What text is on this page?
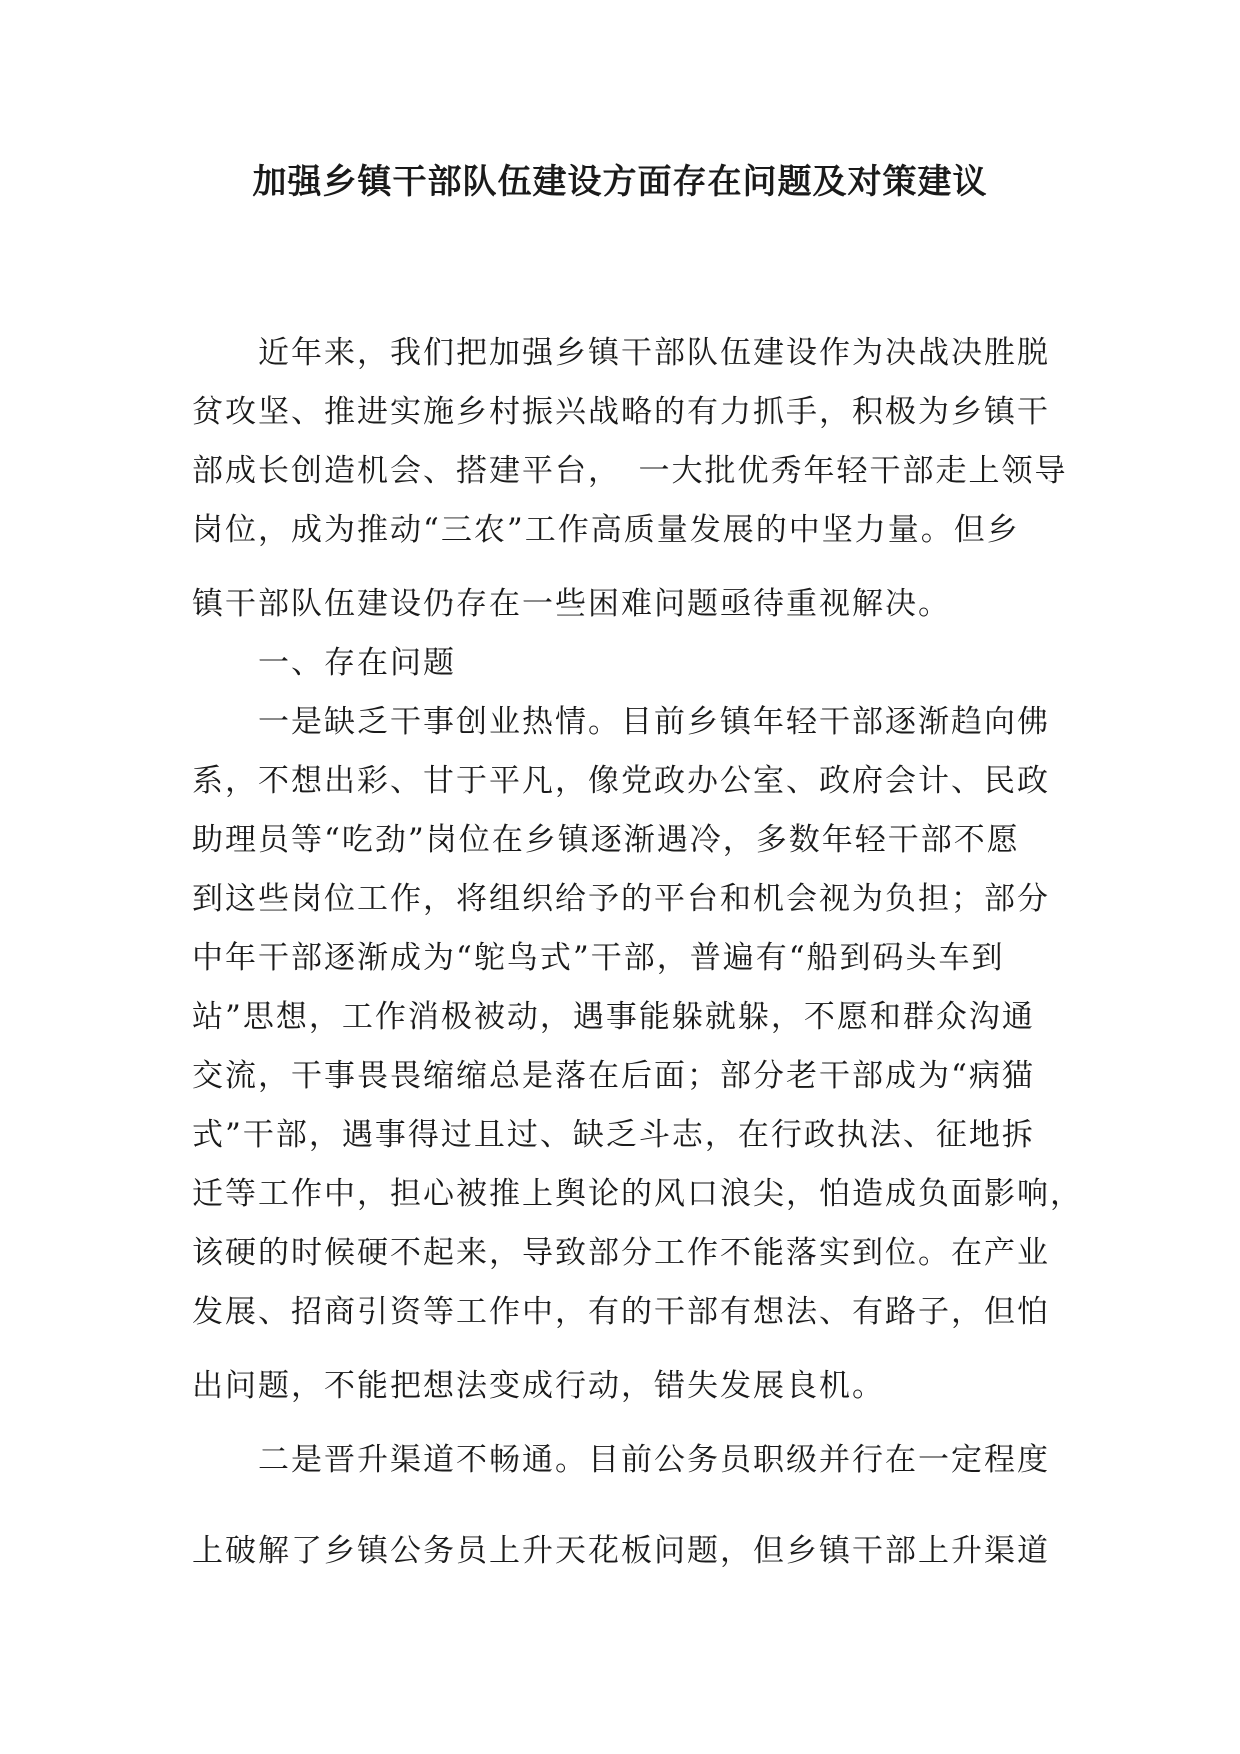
加强乡镇干部队伍建设方面存在问题及对策建议
　　近年来，我们把加强乡镇干部队伍建设作为决战决胜脱
贫攻坚、推进实施乡村振兴战略的有力抓手，积极为乡镇干
部成长创造机会、搭建平台，　一大批优秀年轻干部走上领导
岗位，成为推动“三农”工作高质量发展的中坚力量。但乡
镇干部队伍建设仍存在一些困难问题亟待重视解决。
　　一、存在问题
　　一是缺乏干事创业热情。目前乡镇年轻干部逐渐趋向佛
系，不想出彩、甘于平凡，像党政办公室、政府会计、民政
助理员等“吃劲”岗位在乡镇逐渐遇冷，多数年轻干部不愿
到这些岗位工作，将组织给予的平台和机会视为负担；部分
中年干部逐渐成为“鸵鸟式”干部，普遍有“船到码头车到
站”思想，工作消极被动，遇事能躲就躲，不愿和群众沟通
交流，干事畏畏缩缩总是落在后面；部分老干部成为“病猫
式”干部，遇事得过且过、缺乏斗志，在行政执法、征地拆
迁等工作中，担心被推上舆论的风口浪尖，怕造成负面影响，
该硬的时候硬不起来，导致部分工作不能落实到位。在产业
发展、招商引资等工作中，有的干部有想法、有路子，但怕
出问题，不能把想法变成行动，错失发展良机。
　　二是晋升渠道不畅通。目前公务员职级并行在一定程度
上破解了乡镇公务员上升天花板问题，但乡镇干部上升渠道
